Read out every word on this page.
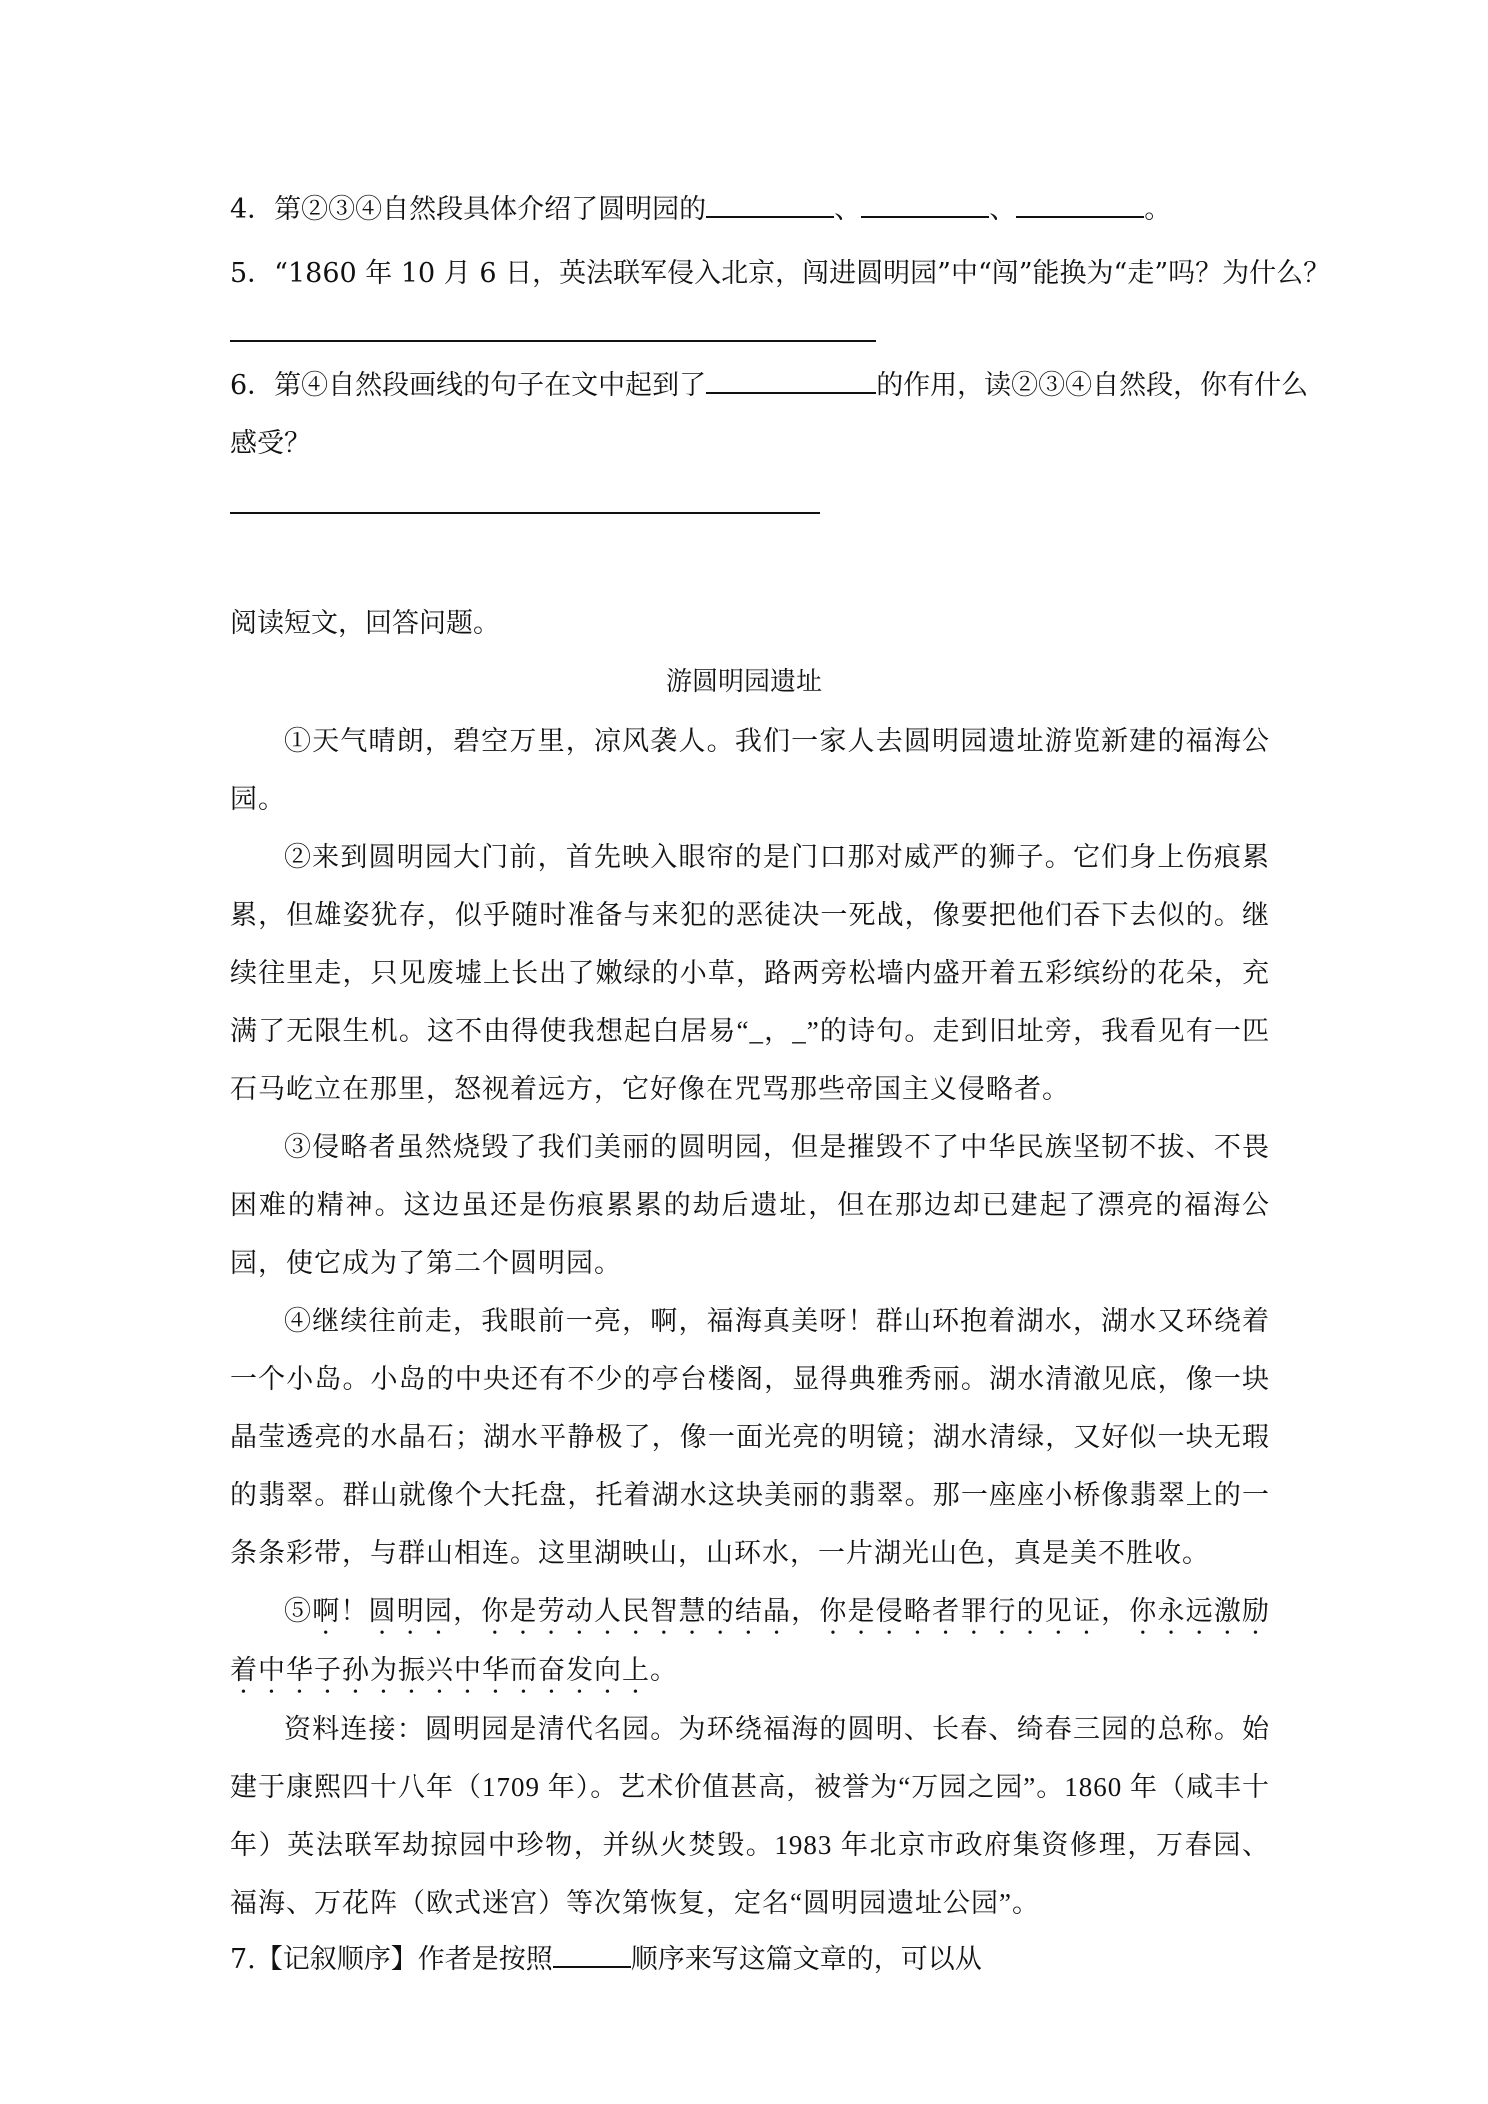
4．第②③④自然段具体介绍了圆明园的	、	、	。
5．“1860 年 10 月 6 日，英法联军侵入北京，闯进圆明园”中“闯”能换为“走”吗？为什么？
6．第④自然段画线的句子在文中起到了	的作用，读②③④自然段，你有什么
感受？
阅读短文，回答问题。
游圆明园遗址

①天气晴朗，碧空万里，凉风袭人。我们一家人去圆明园遗址游览新建的福海公园。

②来到圆明园大门前，首先映入眼帘的是门口那对威严的狮子。它们身上伤痕累累，但雄姿犹存，似乎随时准备与来犯的恶徒决一死战，像要把他们吞下去似的。继续往里走，只见废墟上长出了嫩绿的小草，路两旁松墙内盛开着五彩缤纷的花朵，充满了无限生机。这不由得使我想起白居易“_，_”的诗句。走到旧址旁，我看见有一匹石马屹立在那里，怒视着远方，它好像在咒骂那些帝国主义侵略者。

③侵略者虽然烧毁了我们美丽的圆明园，但是摧毁不了中华民族坚韧不拔、不畏困难的精神。这边虽还是伤痕累累的劫后遗址，但在那边却已建起了漂亮的福海公园，使它成为了第二个圆明园。

④继续往前走，我眼前一亮，啊，福海真美呀！群山环抱着湖水，湖水又环绕着一个小岛。小岛的中央还有不少的亭台楼阁，显得典雅秀丽。湖水清澈见底，像一块晶莹透亮的水晶石；湖水平静极了，像一面光亮的明镜；湖水清绿，又好似一块无瑕的翡翠。群山就像个大托盘，托着湖水这块美丽的翡翠。那一座座小桥像翡翠上的一条条彩带，与群山相连。这里湖映山，山环水，一片湖光山色，真是美不胜收。

⑤啊！圆明园，你是劳动人民智慧的结晶，你是侵略者罪行的见证，你永远激励着中华子孙为振兴中华而奋发向上。

资料连接：圆明园是清代名园。为环绕福海的圆明、长春、绮春三园的总称。始建于康熙四十八年（1709 年）。艺术价值甚高，被誉为“万园之园”。1860 年（咸丰十年）英法联军劫掠园中珍物，并纵火焚毁。1983 年北京市政府集资修理，万春园、福海、万花阵（欧式迷宫）等次第恢复，定名“圆明园遗址公园”。

7.【记叙顺序】作者是按照	顺序来写这篇文章的，可以从
